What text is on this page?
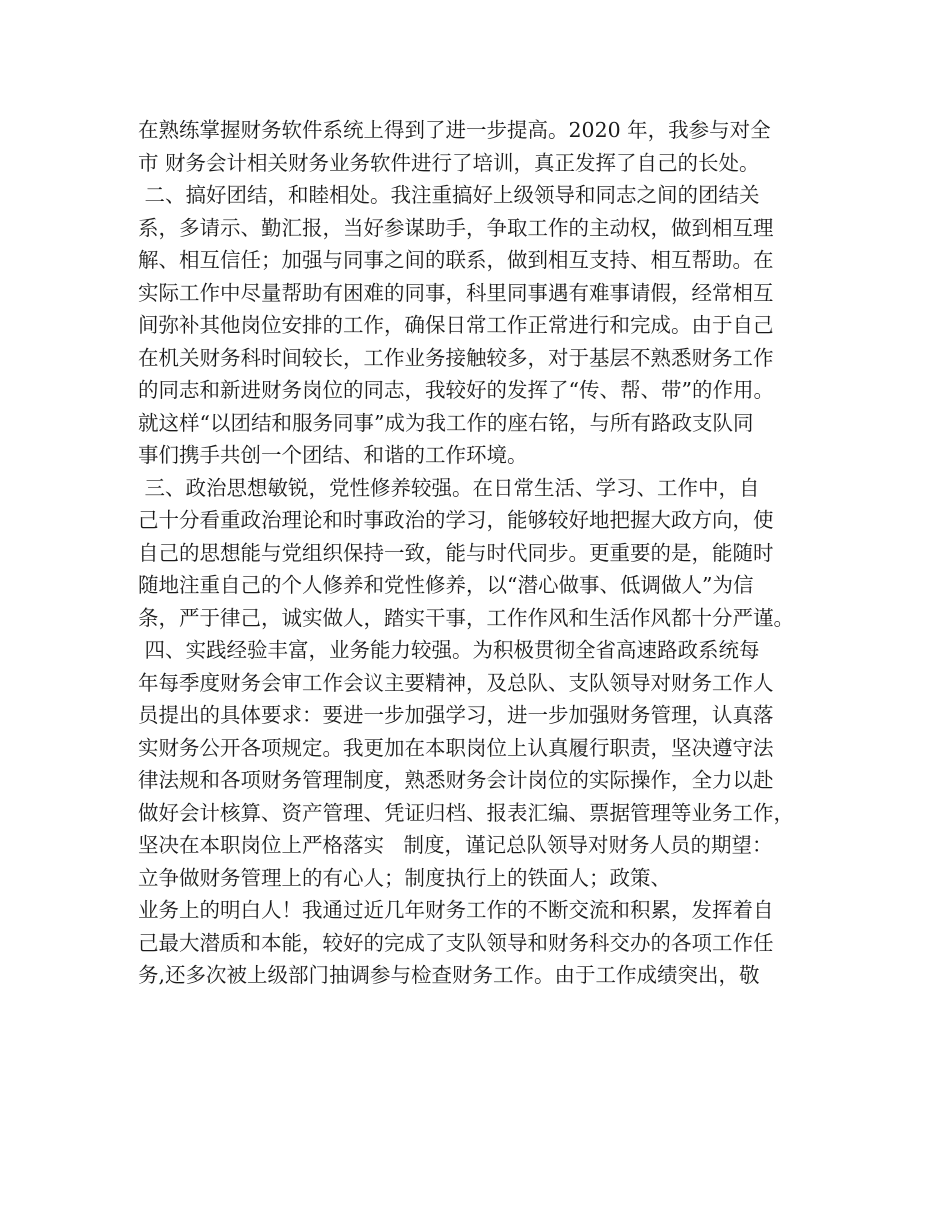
在熟练掌握财务软件系统上得到了进一步提高。2020 年，我参与对全
市 财务会计相关财务业务软件进行了培训，真正发挥了自己的长处。
二、搞好团结，和睦相处。我注重搞好上级领导和同志之间的团结关
系，多请示、勤汇报，当好参谋助手，争取工作的主动权，做到相互理
解、相互信任；加强与同事之间的联系，做到相互支持、相互帮助。在
实际工作中尽量帮助有困难的同事，科里同事遇有难事请假，经常相互
间弥补其他岗位安排的工作，确保日常工作正常进行和完成。由于自己
在机关财务科时间较长，工作业务接触较多，对于基层不熟悉财务工作
的同志和新进财务岗位的同志，我较好的发挥了“传、帮、带”的作用。
就这样“以团结和服务同事”成为我工作的座右铭，与所有路政支队同
事们携手共创一个团结、和谐的工作环境。
三、政治思想敏锐，党性修养较强。在日常生活、学习、工作中，自
己十分看重政治理论和时事政治的学习，能够较好地把握大政方向，使
自己的思想能与党组织保持一致，能与时代同步。更重要的是，能随时
随地注重自己的个人修养和党性修养，以“潜心做事、低调做人”为信
条，严于律己，诚实做人，踏实干事，工作作风和生活作风都十分严谨。
四、实践经验丰富，业务能力较强。为积极贯彻全省高速路政系统每
年每季度财务会审工作会议主要精神，及总队、支队领导对财务工作人
员提出的具体要求：要进一步加强学习，进一步加强财务管理，认真落
实财务公开各项规定。我更加在本职岗位上认真履行职责，坚决遵守法
律法规和各项财务管理制度，熟悉财务会计岗位的实际操作，全力以赴
做好会计核算、资产管理、凭证归档、报表汇编、票据管理等业务工作，
坚决在本职岗位上严格落实   制度，谨记总队领导对财务人员的期望：
立争做财务管理上的有心人；制度执行上的铁面人；政策、
业务上的明白人！我通过近几年财务工作的不断交流和积累，发挥着自
己最大潜质和本能，较好的完成了支队领导和财务科交办的各项工作任
务,还多次被上级部门抽调参与检查财务工作。由于工作成绩突出，敬
